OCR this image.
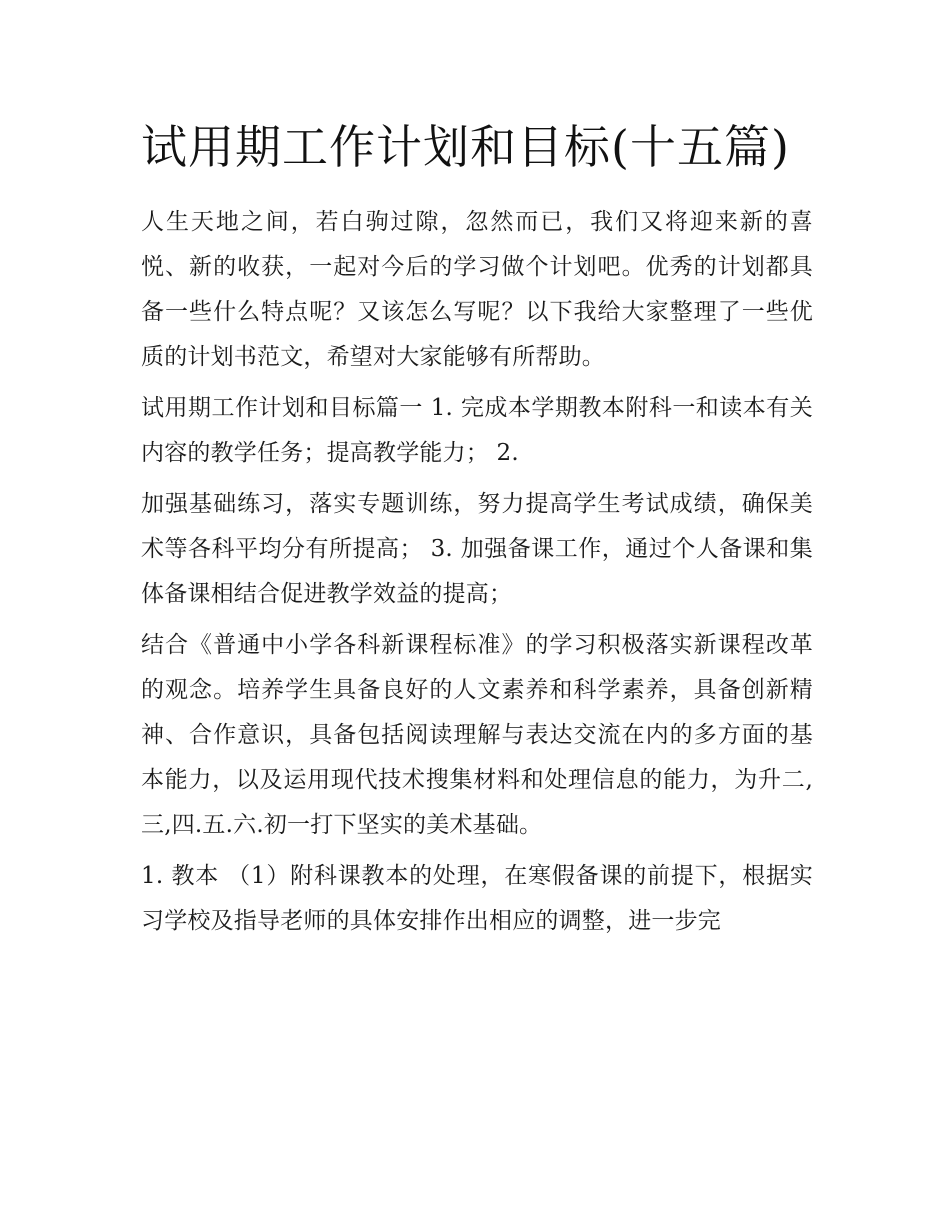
试用期工作计划和目标(十五篇)

人生天地之间，若白驹过隙，忽然而已，我们又将迎来新的喜悦、新的收获，一起对今后的学习做个计划吧。优秀的计划都具备一些什么特点呢？又该怎么写呢？以下我给大家整理了一些优质的计划书范文，希望对大家能够有所帮助。

试用期工作计划和目标篇一 1. 完成本学期教本附科一和读本有关内容的教学任务；提高教学能力； 2.

加强基础练习，落实专题训练，努力提高学生考试成绩，确保美术等各科平均分有所提高； 3. 加强备课工作，通过个人备课和集体备课相结合促进教学效益的提高；

结合《普通中小学各科新课程标准》的学习积极落实新课程改革的观念。培养学生具备良好的人文素养和科学素养，具备创新精神、合作意识，具备包括阅读理解与表达交流在内的多方面的基本能力，以及运用现代技术搜集材料和处理信息的能力，为升二,三,四.五.六.初一打下坚实的美术基础。

1. 教本 （1）附科课教本的处理，在寒假备课的前提下，根据实习学校及指导老师的具体安排作出相应的调整，进一步完
